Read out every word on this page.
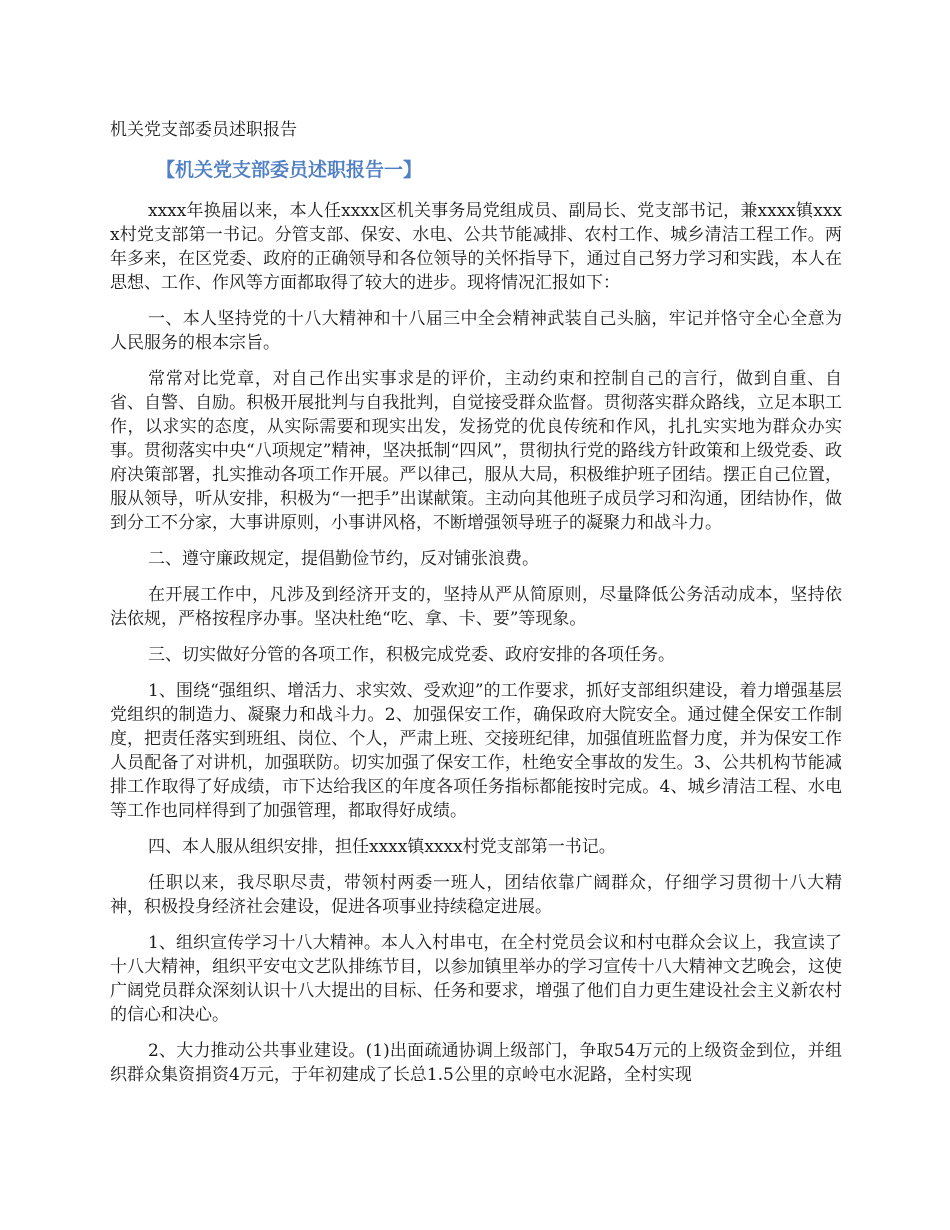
机关党支部委员述职报告
【机关党支部委员述职报告一】

xxxx年换届以来，本人任xxxx区机关事务局党组成员、副局长、党支部书记，兼xxxx镇xxxx村党支部第一书记。分管支部、保安、水电、公共节能减排、农村工作、城乡清洁工程工作。两年多来，在区党委、政府的正确领导和各位领导的关怀指导下，通过自己努力学习和实践，本人在思想、工作、作风等方面都取得了较大的进步。现将情况汇报如下：

一、本人坚持党的十八大精神和十八届三中全会精神武装自己头脑，牢记并恪守全心全意为人民服务的根本宗旨。

常常对比党章，对自己作出实事求是的评价，主动约束和控制自己的言行，做到自重、自省、自警、自励。积极开展批判与自我批判，自觉接受群众监督。贯彻落实群众路线，立足本职工作，以求实的态度，从实际需要和现实出发，发扬党的优良传统和作风，扎扎实实地为群众办实事。贯彻落实中央“八项规定”精神，坚决抵制“四风”，贯彻执行党的路线方针政策和上级党委、政府决策部署，扎实推动各项工作开展。严以律己，服从大局，积极维护班子团结。摆正自己位置，服从领导，听从安排，积极为“一把手”出谋献策。主动向其他班子成员学习和沟通，团结协作，做到分工不分家，大事讲原则，小事讲风格，不断增强领导班子的凝聚力和战斗力。

二、遵守廉政规定，提倡勤俭节约，反对铺张浪费。

在开展工作中，凡涉及到经济开支的，坚持从严从简原则，尽量降低公务活动成本，坚持依法依规，严格按程序办事。坚决杜绝“吃、拿、卡、要”等现象。

三、切实做好分管的各项工作，积极完成党委、政府安排的各项任务。

1、围绕“强组织、增活力、求实效、受欢迎”的工作要求，抓好支部组织建设，着力增强基层党组织的制造力、凝聚力和战斗力。2、加强保安工作，确保政府大院安全。通过健全保安工作制度，把责任落实到班组、岗位、个人，严肃上班、交接班纪律，加强值班监督力度，并为保安工作人员配备了对讲机，加强联防。切实加强了保安工作，杜绝安全事故的发生。3、公共机构节能减排工作取得了好成绩，市下达给我区的年度各项任务指标都能按时完成。4、城乡清洁工程、水电等工作也同样得到了加强管理，都取得好成绩。

四、本人服从组织安排，担任xxxx镇xxxx村党支部第一书记。

任职以来，我尽职尽责，带领村两委一班人，团结依靠广阔群众，仔细学习贯彻十八大精神，积极投身经济社会建设，促进各项事业持续稳定进展。

1、组织宣传学习十八大精神。本人入村串屯，在全村党员会议和村屯群众会议上，我宣读了十八大精神，组织平安屯文艺队排练节目，以参加镇里举办的学习宣传十八大精神文艺晚会，这使广阔党员群众深刻认识十八大提出的目标、任务和要求，增强了他们自力更生建设社会主义新农村的信心和决心。

2、大力推动公共事业建设。(1)出面疏通协调上级部门，争取54万元的上级资金到位，并组织群众集资捐资4万元，于年初建成了长总1.5公里的京岭屯水泥路，全村实现
